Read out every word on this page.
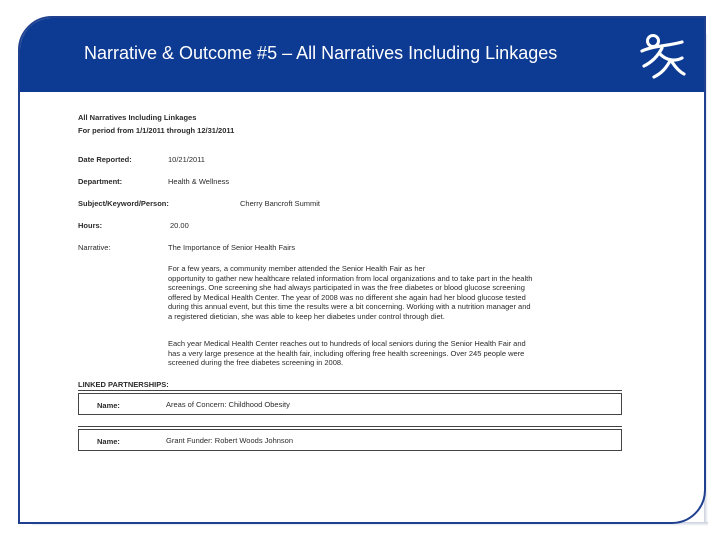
Narrative & Outcome #5 – All Narratives Including Linkages
All Narratives Including Linkages
For period from 1/1/2011 through 12/31/2011
Date Reported:	10/21/2011
Department:	Health & Wellness
Subject/Keyword/Person:	Cherry Bancroft Summit
Hours:	20.00
Narrative:	The Importance of Senior Health Fairs
For a few years, a community member attended the Senior Health Fair as her
opportunity to gather new healthcare related information from local organizations and to take part in the health
screenings. One screening she had always participated in was the free diabetes or blood glucose screening
offered by Medical Health Center. The year of 2008 was no different she again had her blood glucose tested
during this annual event, but this time the results were a bit concerning. Working with a nutrition manager and
a registered dietician, she was able to keep her diabetes under control through diet.
Each year Medical Health Center reaches out to hundreds of local seniors during the Senior Health Fair and
has a very large presence at the health fair, including offering free health screenings. Over 245 people were
screened during the free diabetes screening in 2008.
LINKED PARTNERSHIPS:
Name:	Areas of Concern: Childhood Obesity
Name:	Grant Funder: Robert Woods Johnson
